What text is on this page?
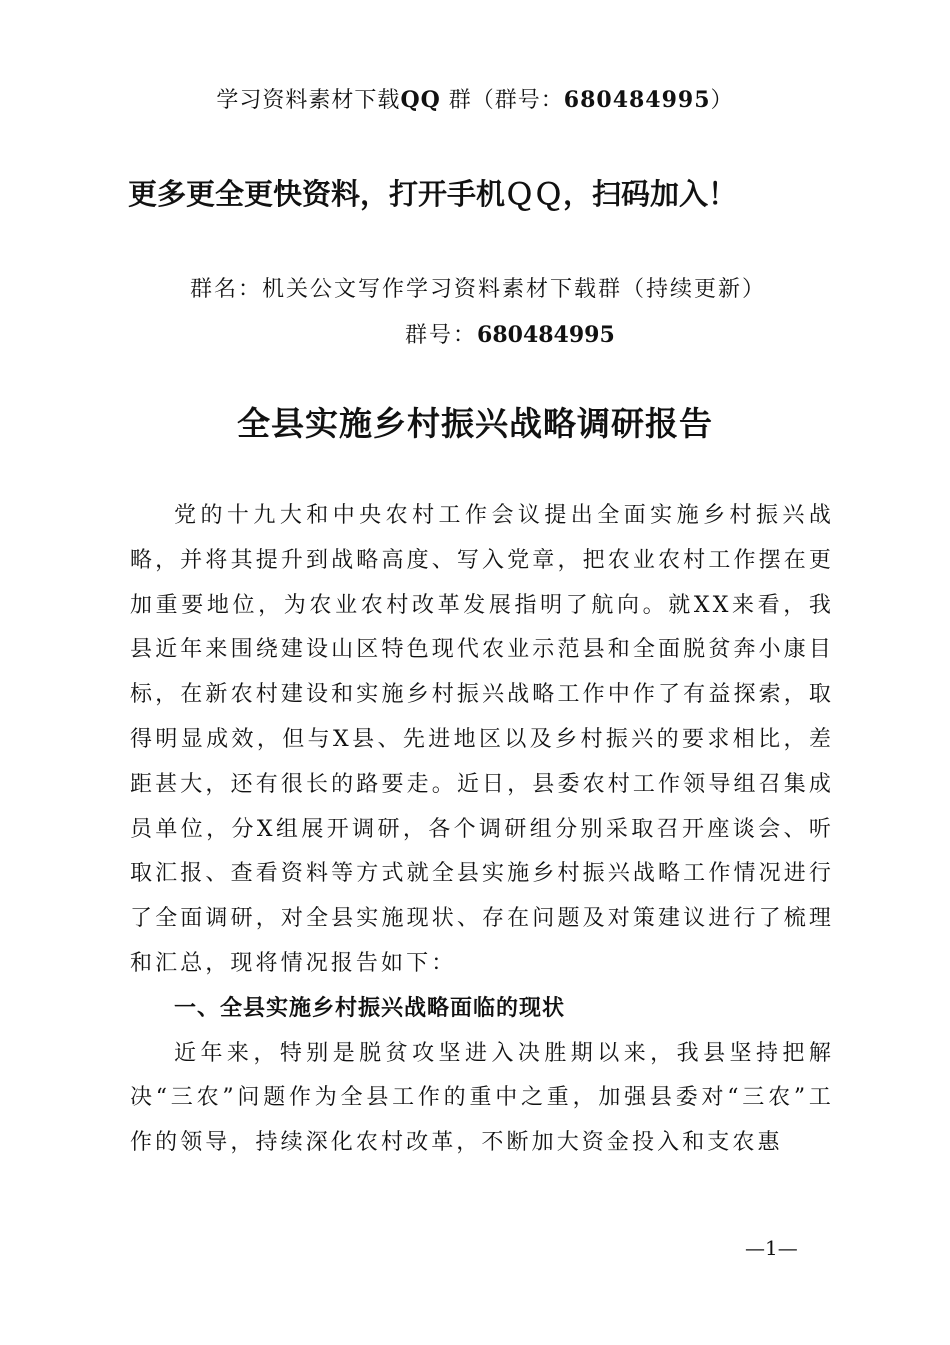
学习资料素材下载QQ 群（群号：680484995）
更多更全更快资料，打开手机ＱＱ，扫码加入！
群名：机关公文写作学习资料素材下载群（持续更新）
群号：680484995
全县实施乡村振兴战略调研报告

党的十九大和中央农村工作会议提出全面实施乡村振兴战略，并将其提升到战略高度、写入党章，把农业农村工作摆在更加重要地位，为农业农村改革发展指明了航向。就XX来看，我县近年来围绕建设山区特色现代农业示范县和全面脱贫奔小康目标，在新农村建设和实施乡村振兴战略工作中作了有益探索，取得明显成效，但与X县、先进地区以及乡村振兴的要求相比，差距甚大，还有很长的路要走。近日，县委农村工作领导组召集成员单位，分X组展开调研，各个调研组分别采取召开座谈会、听取汇报、查看资料等方式就全县实施乡村振兴战略工作情况进行了全面调研，对全县实施现状、存在问题及对策建议进行了梳理和汇总，现将情况报告如下：

一、全县实施乡村振兴战略面临的现状

近年来，特别是脱贫攻坚进入决胜期以来，我县坚持把解决“三农”问题作为全县工作的重中之重，加强县委对“三农”工作的领导，持续深化农村改革，不断加大资金投入和支农惠

—1—
